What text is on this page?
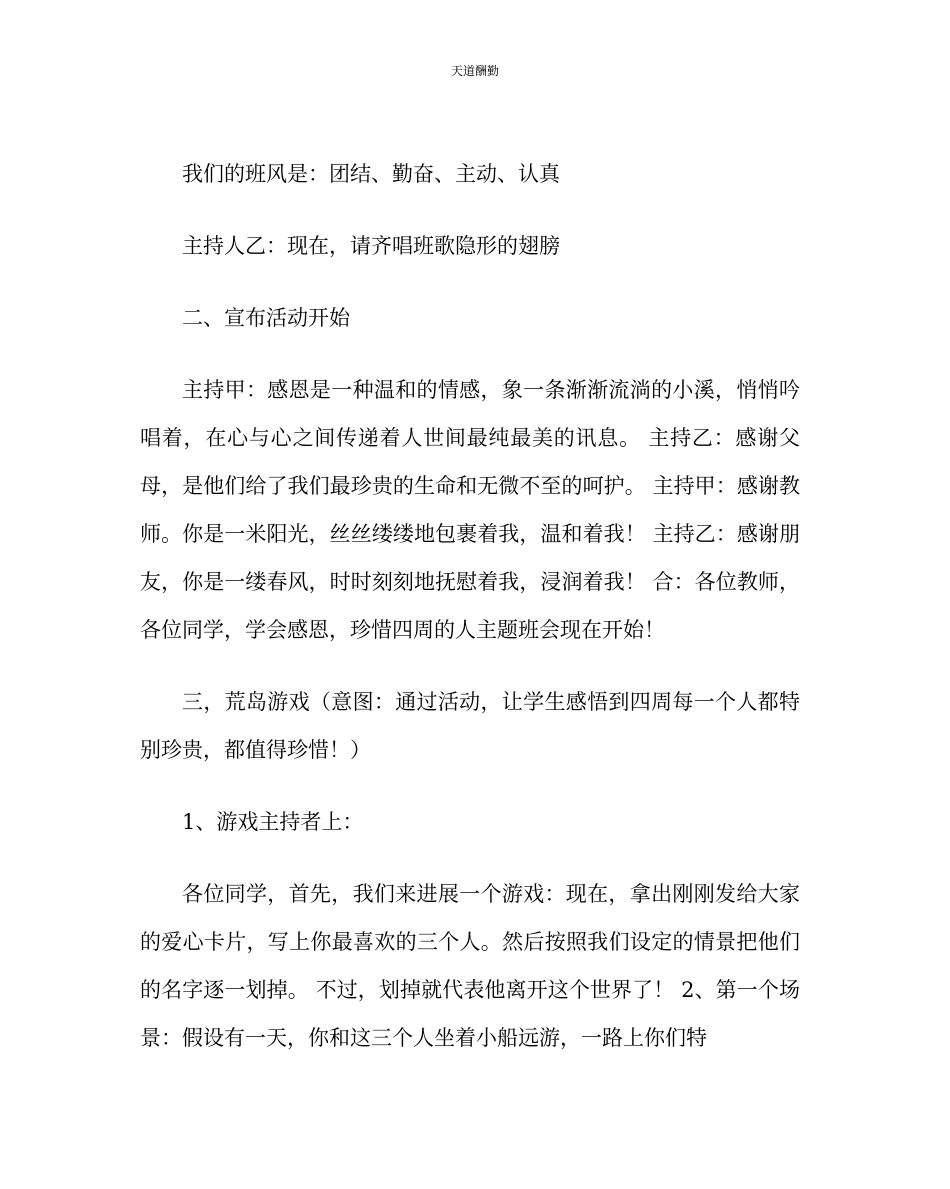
天道酬勤

我们的班风是：团结、勤奋、主动、认真

主持人乙：现在，请齐唱班歌隐形的翅膀

二、宣布活动开始

主持甲：感恩是一种温和的情感，象一条渐渐流淌的小溪，悄悄吟唱着，在心与心之间传递着人世间最纯最美的讯息。 主持乙：感谢父母，是他们给了我们最珍贵的生命和无微不至的呵护。 主持甲：感谢教师。你是一米阳光，丝丝缕缕地包裹着我，温和着我！ 主持乙：感谢朋友，你是一缕春风，时时刻刻地抚慰着我，浸润着我！ 合：各位教师，各位同学，学会感恩，珍惜四周的人主题班会现在开始！

三，荒岛游戏（意图：通过活动，让学生感悟到四周每一个人都特别珍贵，都值得珍惜！）

1、游戏主持者上：

各位同学，首先，我们来进展一个游戏：现在，拿出刚刚发给大家的爱心卡片，写上你最喜欢的三个人。然后按照我们设定的情景把他们的名字逐一划掉。 不过，划掉就代表他离开这个世界了！ 2、第一个场景：假设有一天，你和这三个人坐着小船远游，一路上你们特
